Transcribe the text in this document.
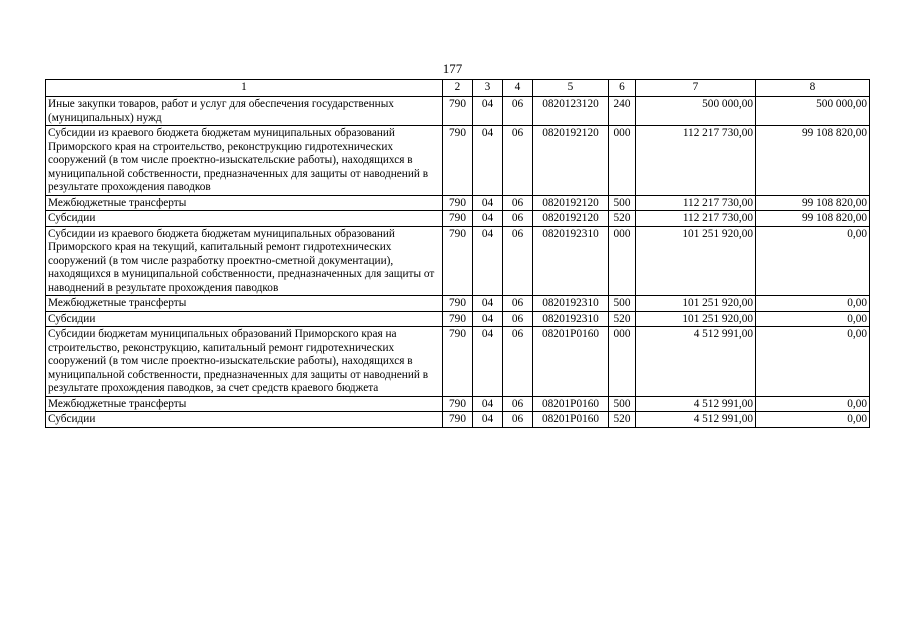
177
1	2	3	4	5	6	7	8
Иные закупки товаров, работ и услуг для обеспечения государственных (муниципальных) нужд	790	04	06	0820123120	240	500 000,00	500 000,00
Субсидии из краевого бюджета бюджетам муниципальных образований Приморского края на строительство, реконструкцию гидротехнических сооружений (в том числе проектно-изыскательские работы), находящихся в муниципальной собственности, предназначенных для защиты от наводнений в результате прохождения паводков	790	04	06	0820192120	000	112 217 730,00	99 108 820,00
Межбюджетные трансферты	790	04	06	0820192120	500	112 217 730,00	99 108 820,00
Субсидии	790	04	06	0820192120	520	112 217 730,00	99 108 820,00
Субсидии из краевого бюджета бюджетам муниципальных образований Приморского края на текущий, капитальный ремонт гидротехнических сооружений (в том числе разработку проектно-сметной документации), находящихся в муниципальной собственности, предназначенных для защиты от наводнений в результате прохождения паводков	790	04	06	0820192310	000	101 251 920,00	0,00
Межбюджетные трансферты	790	04	06	0820192310	500	101 251 920,00	0,00
Субсидии	790	04	06	0820192310	520	101 251 920,00	0,00
Субсидии бюджетам муниципальных образований Приморского края на строительство, реконструкцию, капитальный ремонт гидротехнических сооружений (в том числе проектно-изыскательские работы), находящихся в муниципальной собственности, предназначенных для защиты от наводнений в результате прохождения паводков, за счет средств краевого бюджета	790	04	06	08201P0160	000	4 512 991,00	0,00
Межбюджетные трансферты	790	04	06	08201P0160	500	4 512 991,00	0,00
Субсидии	790	04	06	08201P0160	520	4 512 991,00	0,00
